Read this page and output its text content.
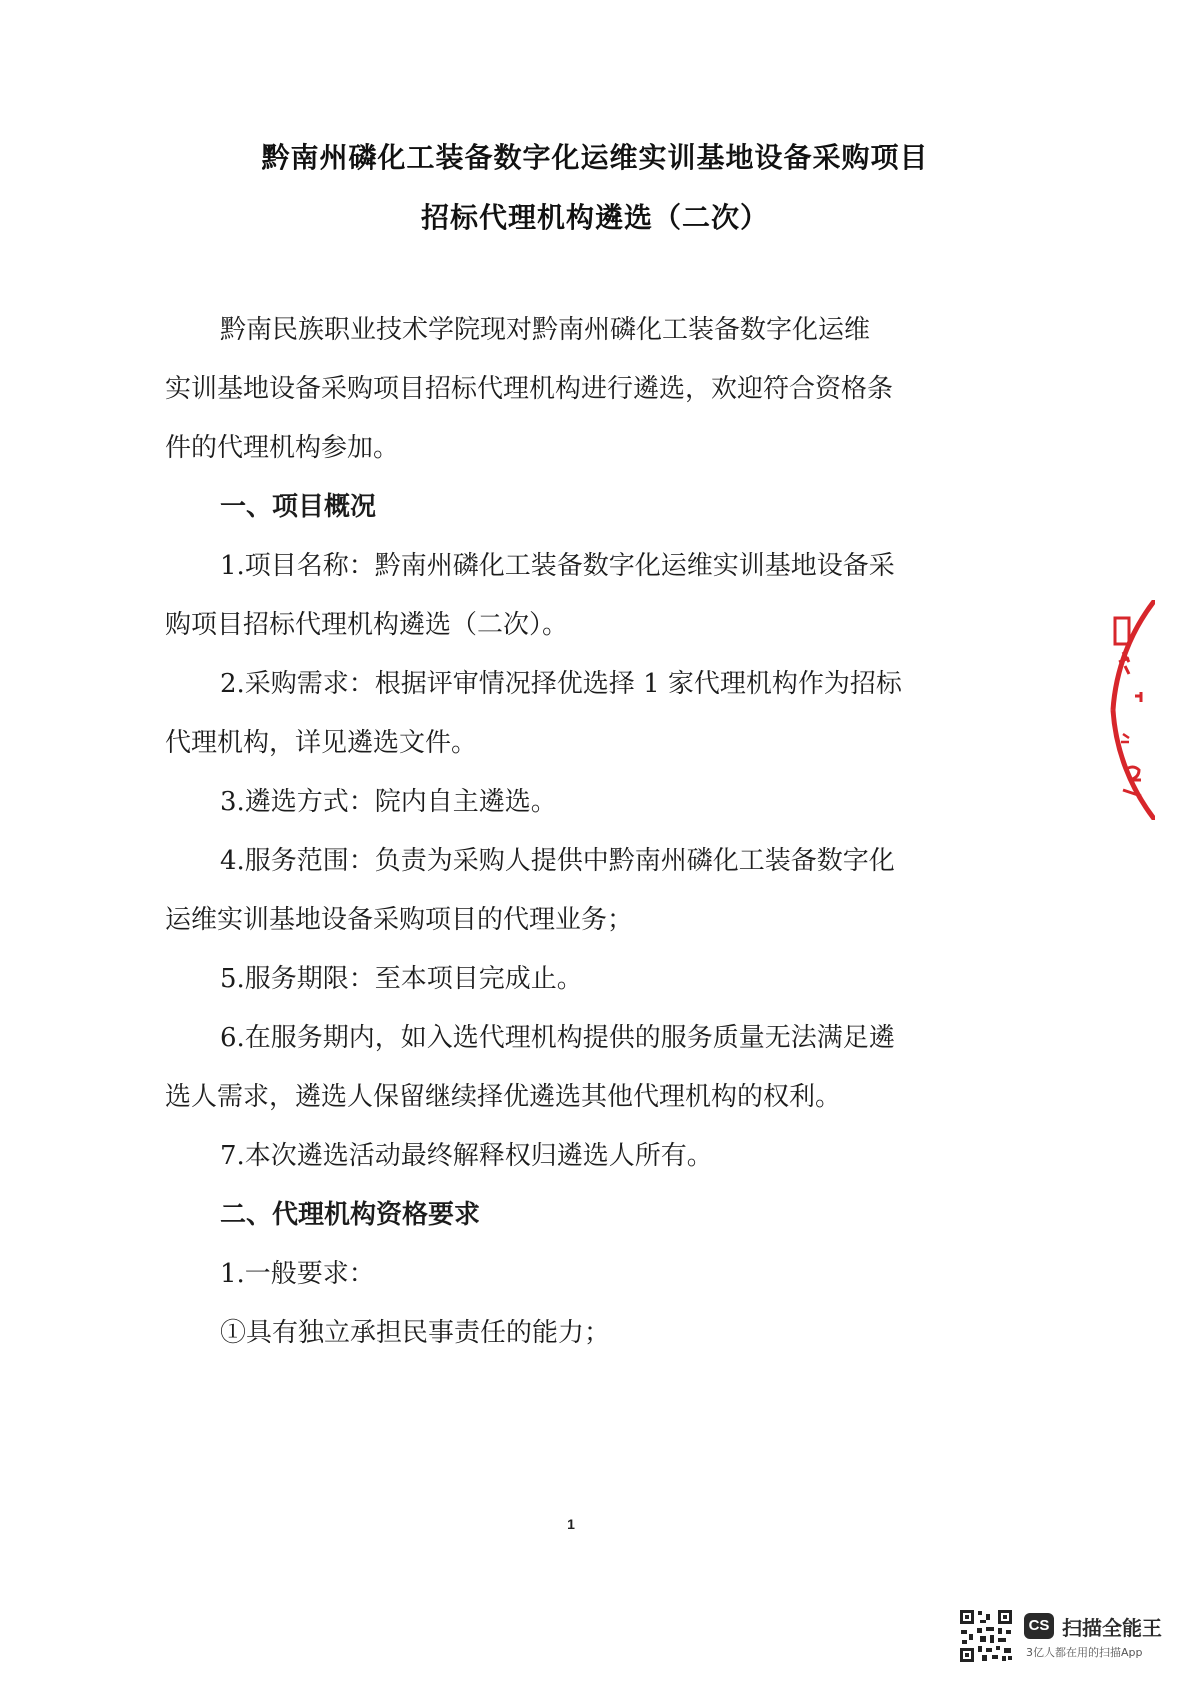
黔南州磷化工装备数字化运维实训基地设备采购项目
招标代理机构遴选（二次）
黔南民族职业技术学院现对黔南州磷化工装备数字化运维
实训基地设备采购项目招标代理机构进行遴选，欢迎符合资格条
件的代理机构参加。
一、项目概况
1.项目名称：黔南州磷化工装备数字化运维实训基地设备采
购项目招标代理机构遴选（二次）。
2.采购需求：根据评审情况择优选择 1 家代理机构作为招标
代理机构，详见遴选文件。
3.遴选方式：院内自主遴选。
4.服务范围：负责为采购人提供中黔南州磷化工装备数字化
运维实训基地设备采购项目的代理业务；
5.服务期限：至本项目完成止。
6.在服务期内，如入选代理机构提供的服务质量无法满足遴
选人需求，遴选人保留继续择优遴选其他代理机构的权利。
7.本次遴选活动最终解释权归遴选人所有。
二、代理机构资格要求
1.一般要求：
①具有独立承担民事责任的能力；
1
CS 扫描全能王
3亿人都在用的扫描App
